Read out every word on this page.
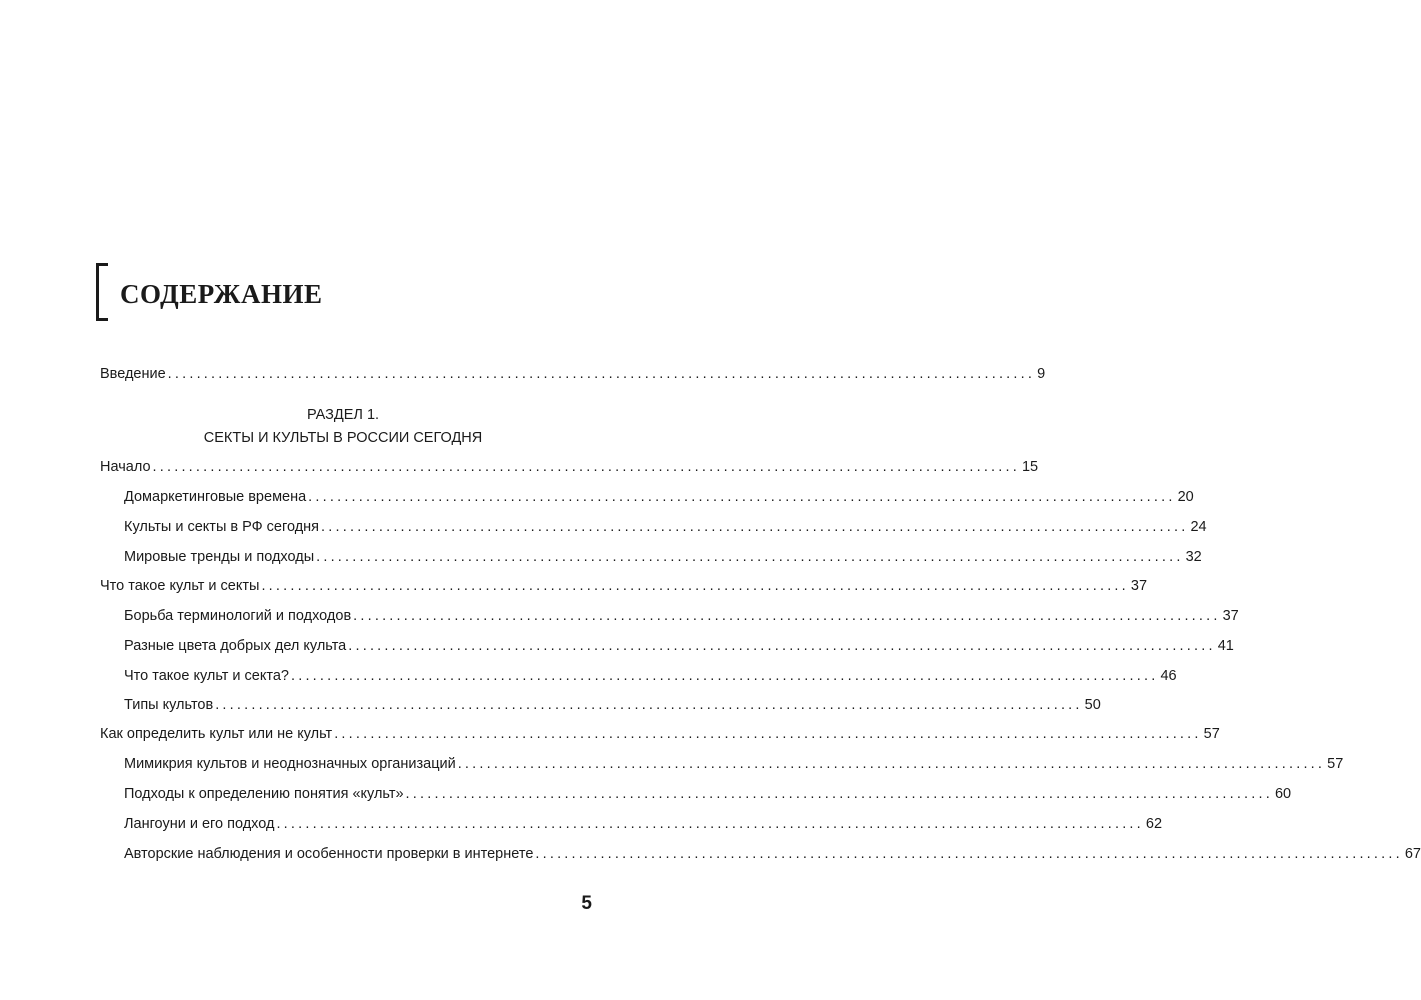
СОДЕРЖАНИЕ
Введение ........................................................................................................................ 9
РАЗДЕЛ 1.
СЕКТЫ И КУЛЬТЫ В РОССИИ СЕГОДНЯ
Начало ........................................................................................................................ 15
Домаркетинговые времена ........................................................................................................................ 20
Культы и секты в РФ сегодня ........................................................................................................................ 24
Мировые тренды и подходы ........................................................................................................................ 32
Что такое культ и секты ........................................................................................................................ 37
Борьба терминологий и подходов ........................................................................................................................ 37
Разные цвета добрых дел культа ........................................................................................................................ 41
Что такое культ и секта? ........................................................................................................................ 46
Типы культов ........................................................................................................................ 50
Как определить культ или не культ ........................................................................................................................ 57
Мимикрия культов и неоднозначных организаций ........................................................................................................................ 57
Подходы к определению понятия «культ» ........................................................................................................................ 60
Лангоуни и его подход ........................................................................................................................ 62
Авторские наблюдения и особенности проверки в интернете ........................................................................................................................ 67
5
